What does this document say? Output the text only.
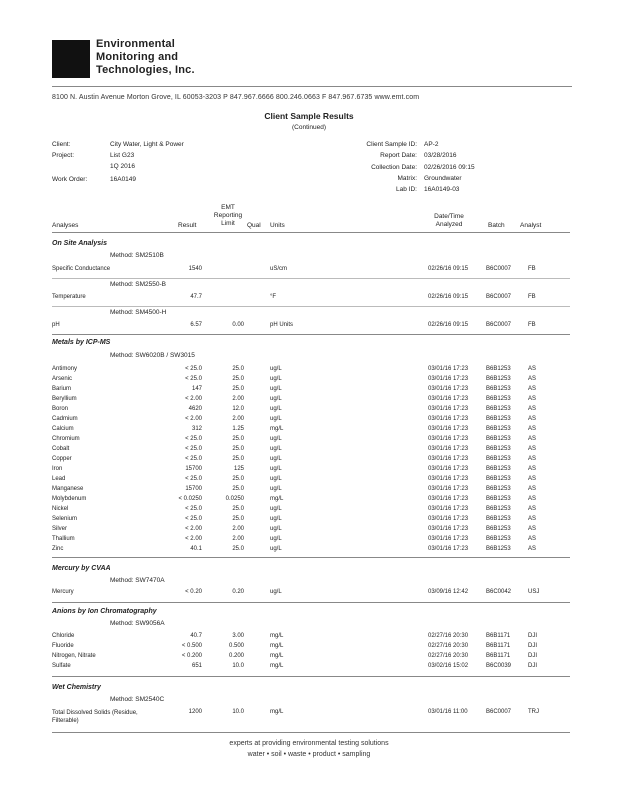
Environmental
Monitoring and
Technologies, Inc.
8100 N. Austin Avenue Morton Grove, IL 60053-3203 P 847.967.6666 800.246.0663 F 847.967.6735 www.emt.com
Client Sample Results
(Continued)
Client:	City Water, Light & Power
Project:	List G23
1Q 2016
Work Order:	16A0149
Client Sample ID: AP-2
Report Date: 03/28/2016
Collection Date: 02/26/2016 09:15
Matrix: Groundwater
Lab ID: 16A0149-03
Analyses	Result
EMT
Reporting
Limit	Qual Units
Date/Time
Analyzed	Batch Analyst
On Site Analysis
Method: SM2510B
Specific Conductance	1540	uS/cm	02/26/16 09:15	B6C0007	FB
Method: SM2550-B
Temperature	47.7	°F	02/26/16 09:15	B6C0007	FB
Method: SM4500-H
pH	6.57	0.00	pH Units	02/26/16 09:15	B6C0007	FB
Metals by ICP-MS
Method: SW6020B / SW3015
Antimony	< 25.0	25.0	ug/L	03/01/16 17:23	B6B1253	AS
Arsenic	< 25.0	25.0	ug/L	03/01/16 17:23	B6B1253	AS
Barium	147	25.0	ug/L	03/01/16 17:23	B6B1253	AS
Beryllium	< 2.00	2.00	ug/L	03/01/16 17:23	B6B1253	AS
Boron	4620	12.0	ug/L	03/01/16 17:23	B6B1253	AS
Cadmium	< 2.00	2.00	ug/L	03/01/16 17:23	B6B1253	AS
Calcium	312	1.25	mg/L	03/01/16 17:23	B6B1253	AS
Chromium	< 25.0	25.0	ug/L	03/01/16 17:23	B6B1253	AS
Cobalt	< 25.0	25.0	ug/L	03/01/16 17:23	B6B1253	AS
Copper	< 25.0	25.0	ug/L	03/01/16 17:23	B6B1253	AS
Iron	15700	125	ug/L	03/01/16 17:23	B6B1253	AS
Lead	< 25.0	25.0	ug/L	03/01/16 17:23	B6B1253	AS
Manganese	15700	25.0	ug/L	03/01/16 17:23	B6B1253	AS
Molybdenum	< 0.0250	0.0250	mg/L	03/01/16 17:23	B6B1253	AS
Nickel	< 25.0	25.0	ug/L	03/01/16 17:23	B6B1253	AS
Selenium	< 25.0	25.0	ug/L	03/01/16 17:23	B6B1253	AS
Silver	< 2.00	2.00	ug/L	03/01/16 17:23	B6B1253	AS
Thallium	< 2.00	2.00	ug/L	03/01/16 17:23	B6B1253	AS
Zinc	40.1	25.0	ug/L	03/01/16 17:23	B6B1253	AS
Mercury by CVAA
Method: SW7470A
Mercury	< 0.20	0.20	ug/L	03/09/16 12:42	B6C0042	USJ
Anions by Ion Chromatography
Method: SW9056A
Chloride	40.7	3.00	mg/L	02/27/16 20:30	B6B1171	DJI
Fluoride	< 0.500	0.500	mg/L	02/27/16 20:30	B6B1171	DJI
Nitrogen, Nitrate	< 0.200	0.200	mg/L	02/27/16 20:30	B6B1171	DJI
Sulfate	651	10.0	mg/L	03/02/16 15:02	B6C0039	DJI
Wet Chemistry
Method: SM2540C
Total Dissolved Solids (Residue,
Filterable)
1200	10.0	mg/L	03/01/16 11:00	B6C0007	TRJ
experts at providing environmental testing solutions
water • soil • waste • product • sampling
